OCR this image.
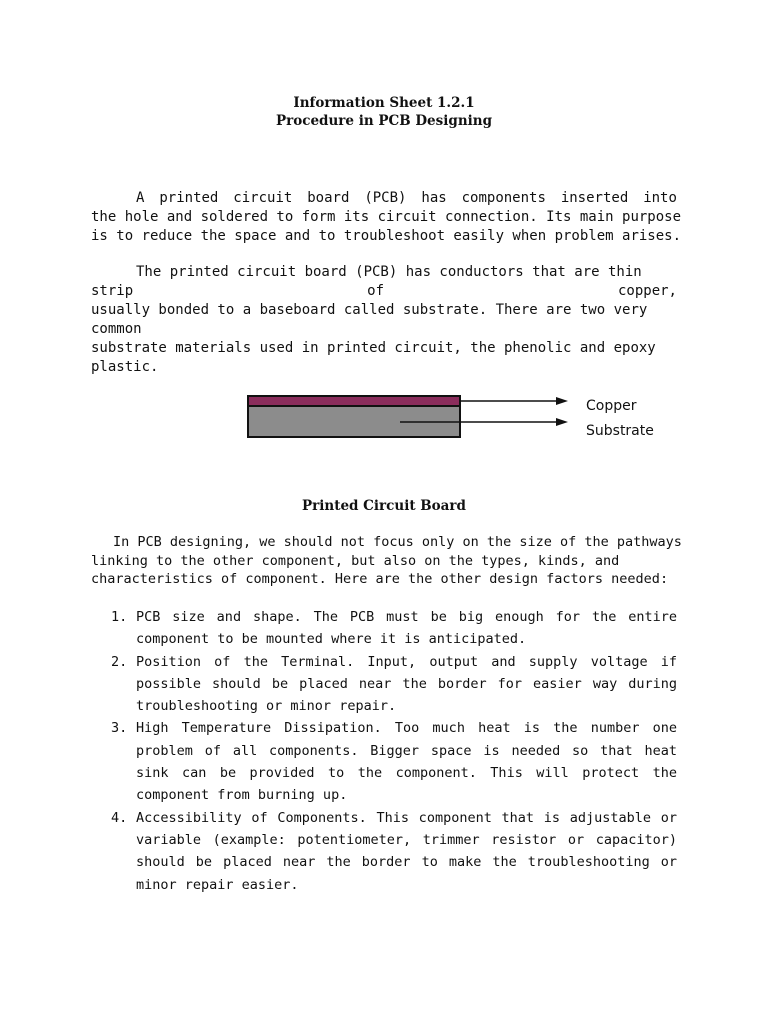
Information Sheet 1.2.1
Procedure in PCB Designing
A printed circuit board (PCB) has components inserted into
the hole and soldered to form its circuit connection. Its main purpose
is to reduce the space and to troubleshoot easily when problem arises.
The printed circuit board (PCB) has conductors that are thin
strip	of	copper,
usually bonded to a baseboard called substrate. There are two very
common
substrate materials used in printed circuit, the phenolic and epoxy
plastic.
Copper
Substrate
Printed Circuit Board
In PCB designing, we should not focus only on the size of the pathways
linking to the other component, but also on the types, kinds, and
characteristics of component. Here are the other design factors needed:
1. PCB size and shape. The PCB must be big enough for the entire component to be mounted where it is anticipated.
2. Position of the Terminal. Input, output and supply voltage if possible should be placed near the border for easier way during troubleshooting or minor repair.
3. High Temperature Dissipation. Too much heat is the number one problem of all components. Bigger space is needed so that heat sink can be provided to the component. This will protect the component from burning up.
4. Accessibility of Components. This component that is adjustable or variable (example: potentiometer, trimmer resistor or capacitor) should be placed near the border to make the troubleshooting or minor repair easier.
